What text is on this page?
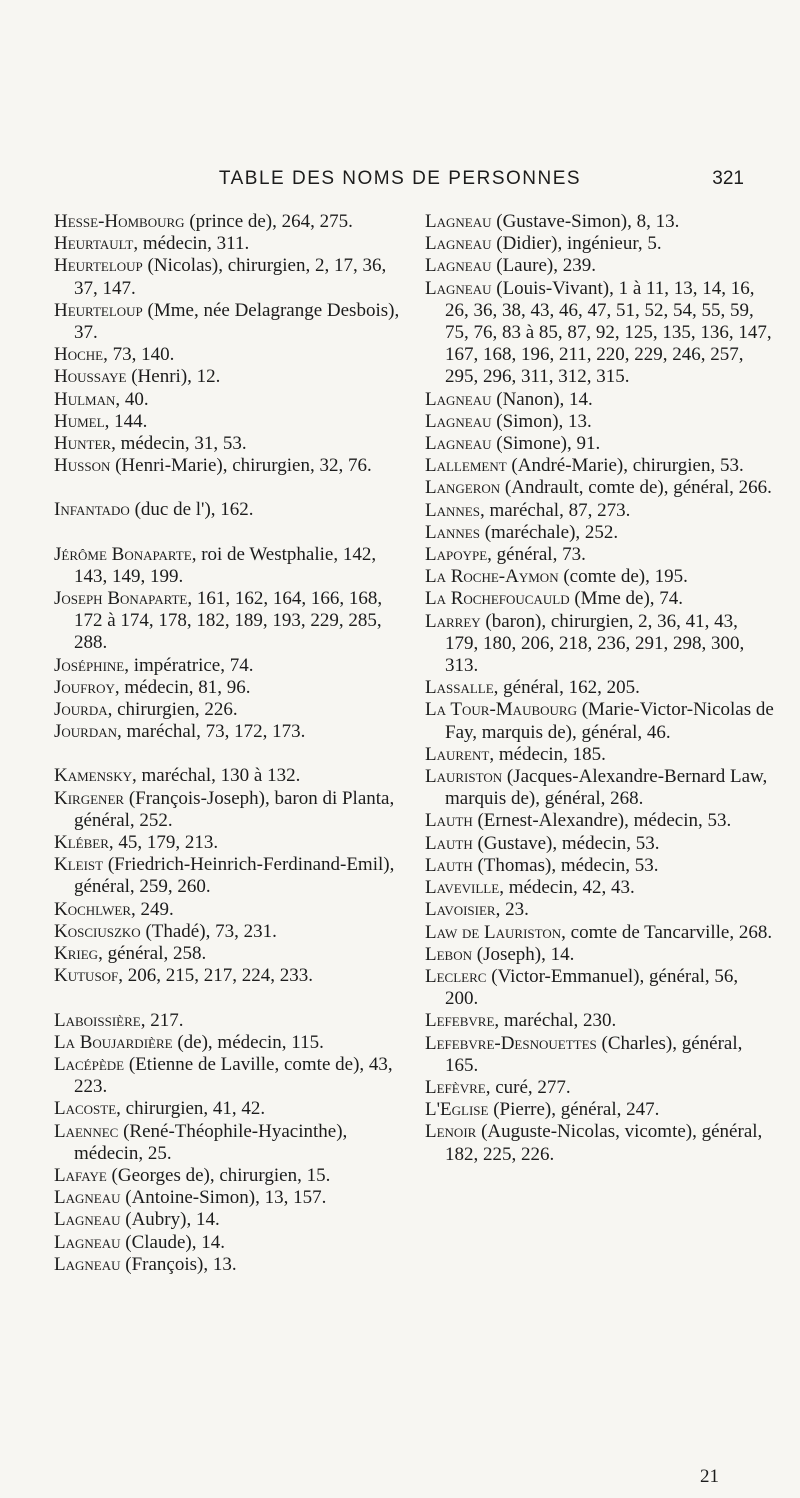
TABLE DES NOMS DE PERSONNES	321

Hesse-Hombourg (prince de), 264, 275.

Heurtault, médecin, 311.

Heurteloup (Nicolas), chirurgien, 2, 17, 36, 37, 147.

Heurteloup (Mme, née Delagrange Desbois), 37.

Hoche, 73, 140.

Houssaye (Henri), 12.

Hulman, 40.

Humel, 144.

Hunter, médecin, 31, 53.

Husson (Henri-Marie), chirurgien, 32, 76.

Infantado (duc de l'), 162.

Jérôme Bonaparte, roi de Westphalie, 142, 143, 149, 199.

Joseph Bonaparte, 161, 162, 164, 166, 168, 172 à 174, 178, 182, 189, 193, 229, 285, 288.

Joséphine, impératrice, 74.

Joufroy, médecin, 81, 96.

Jourda, chirurgien, 226.

Jourdan, maréchal, 73, 172, 173.

Kamensky, maréchal, 130 à 132.

Kirgener (François-Joseph), baron di Planta, général, 252.

Kléber, 45, 179, 213.

Kleist (Friedrich-Heinrich-Ferdinand-Emil), général, 259, 260.

Kochlwer, 249.

Kosciuszko (Thadé), 73, 231.

Krieg, général, 258.

Kutusof, 206, 215, 217, 224, 233.

Laboissière, 217.

La Boujardière (de), médecin, 115.

Lacépède (Etienne de Laville, comte de), 43, 223.

Lacoste, chirurgien, 41, 42.

Laennec (René-Théophile-Hyacinthe), médecin, 25.

Lafaye (Georges de), chirurgien, 15.

Lagneau (Antoine-Simon), 13, 157.

Lagneau (Aubry), 14.

Lagneau (Claude), 14.

Lagneau (François), 13.

Lagneau (Gustave-Simon), 8, 13.

Lagneau (Didier), ingénieur, 5.

Lagneau (Laure), 239.

Lagneau (Louis-Vivant), 1 à 11, 13, 14, 16, 26, 36, 38, 43, 46, 47, 51, 52, 54, 55, 59, 75, 76, 83 à 85, 87, 92, 125, 135, 136, 147, 167, 168, 196, 211, 220, 229, 246, 257, 295, 296, 311, 312, 315.

Lagneau (Nanon), 14.

Lagneau (Simon), 13.

Lagneau (Simone), 91.

Lallement (André-Marie), chirurgien, 53.

Langeron (Andrault, comte de), général, 266.

Lannes, maréchal, 87, 273.

Lannes (maréchale), 252.

Lapoype, général, 73.

La Roche-Aymon (comte de), 195.

La Rochefoucauld (Mme de), 74.

Larrey (baron), chirurgien, 2, 36, 41, 43, 179, 180, 206, 218, 236, 291, 298, 300, 313.

Lassalle, général, 162, 205.

La Tour-Maubourg (Marie-Victor-Nicolas de Fay, marquis de), général, 46.

Laurent, médecin, 185.

Lauriston (Jacques-Alexandre-Bernard Law, marquis de), général, 268.

Lauth (Ernest-Alexandre), médecin, 53.

Lauth (Gustave), médecin, 53.

Lauth (Thomas), médecin, 53.

Laveville, médecin, 42, 43.

Lavoisier, 23.

Law de Lauriston, comte de Tancarville, 268.

Lebon (Joseph), 14.

Leclerc (Victor-Emmanuel), général, 56, 200.

Lefebvre, maréchal, 230.

Lefebvre-Desnouettes (Charles), général, 165.

Lefèvre, curé, 277.

L'Eglise (Pierre), général, 247.

Lenoir (Auguste-Nicolas, vicomte), général, 182, 225, 226.

21
